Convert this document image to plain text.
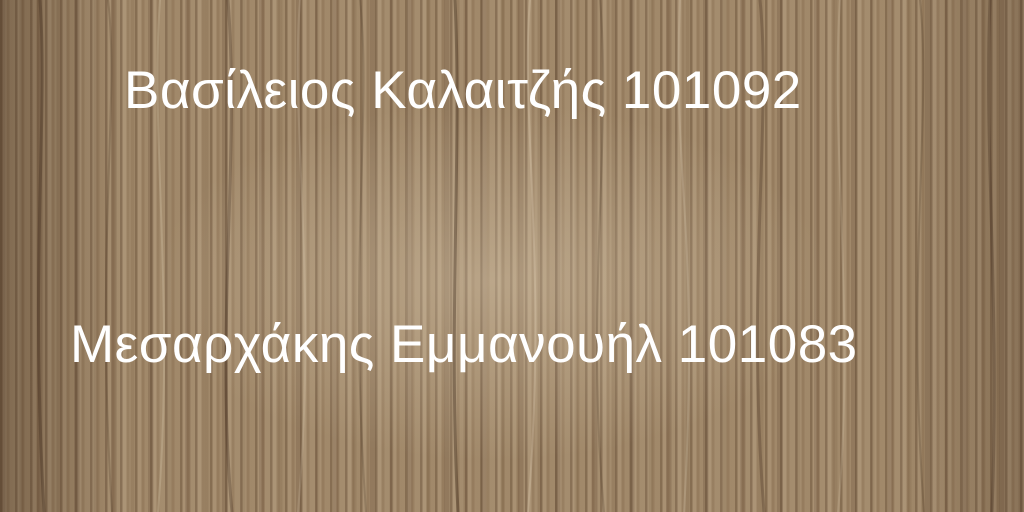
Βασίλειος Καλαιτζής 101092
Μεσαρχάκης Εμμανουήλ 101083
